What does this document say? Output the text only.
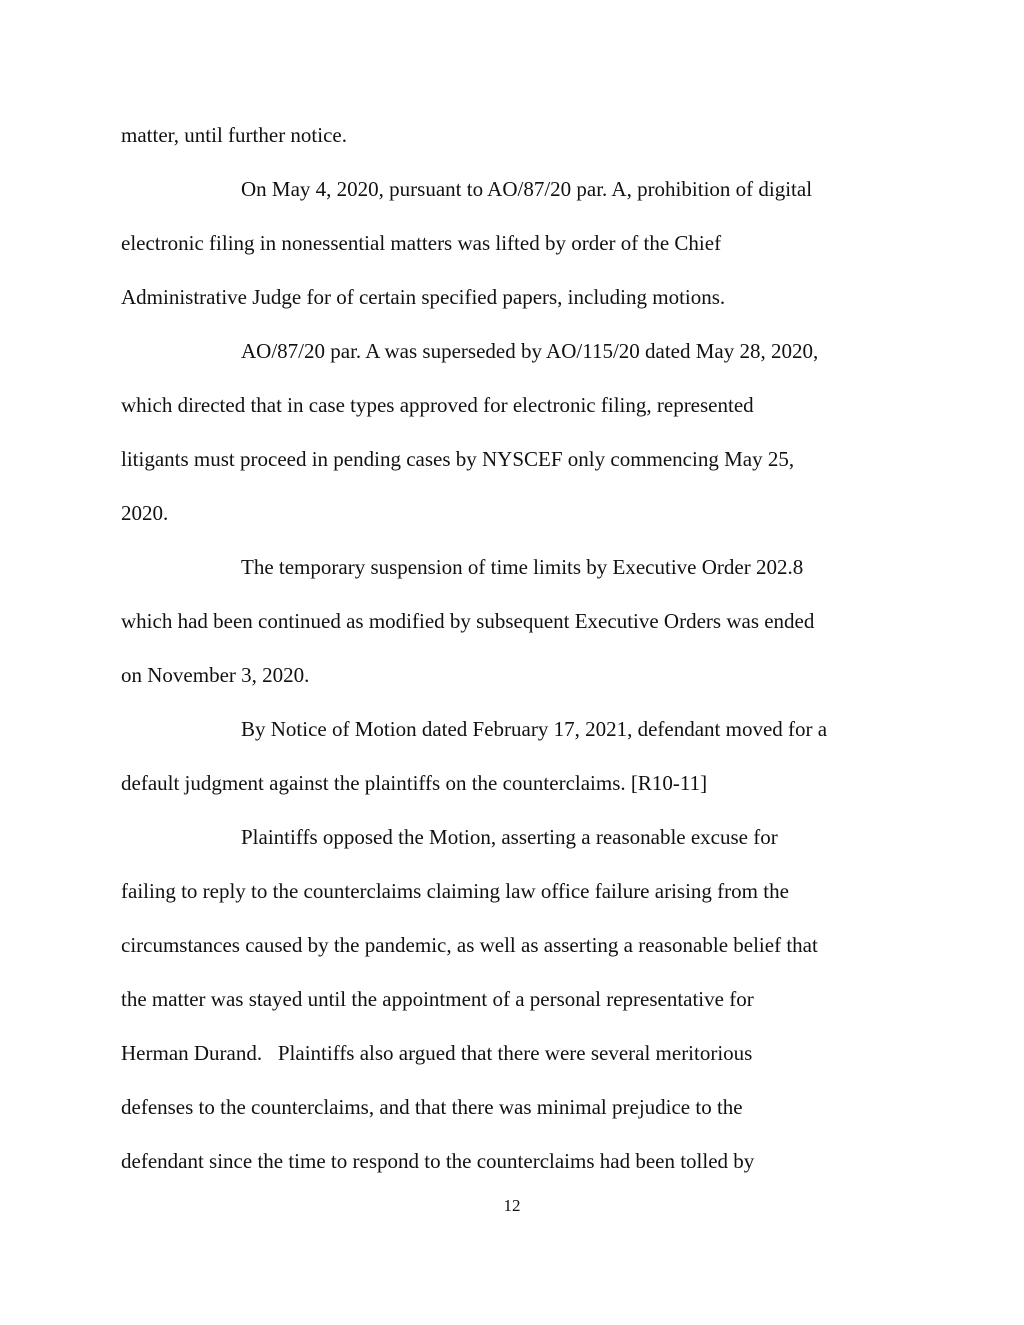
matter, until further notice.

On May 4, 2020, pursuant to AO/87/20 par. A, prohibition of digital

electronic filing in nonessential matters was lifted by order of the Chief

Administrative Judge for of certain specified papers, including motions.

AO/87/20 par. A was superseded by AO/115/20 dated May 28, 2020,

which directed that in case types approved for electronic filing, represented

litigants must proceed in pending cases by NYSCEF only commencing May 25,

2020.

The temporary suspension of time limits by Executive Order 202.8

which had been continued as modified by subsequent Executive Orders was ended

on November 3, 2020.

By Notice of Motion dated February 17, 2021, defendant moved for a

default judgment against the plaintiffs on the counterclaims. [R10-11]

Plaintiffs opposed the Motion, asserting a reasonable excuse for

failing to reply to the counterclaims claiming law office failure arising from the

circumstances caused by the pandemic, as well as asserting a reasonable belief that

the matter was stayed until the appointment of a personal representative for

Herman Durand.   Plaintiffs also argued that there were several meritorious

defenses to the counterclaims, and that there was minimal prejudice to the

defendant since the time to respond to the counterclaims had been tolled by

12
